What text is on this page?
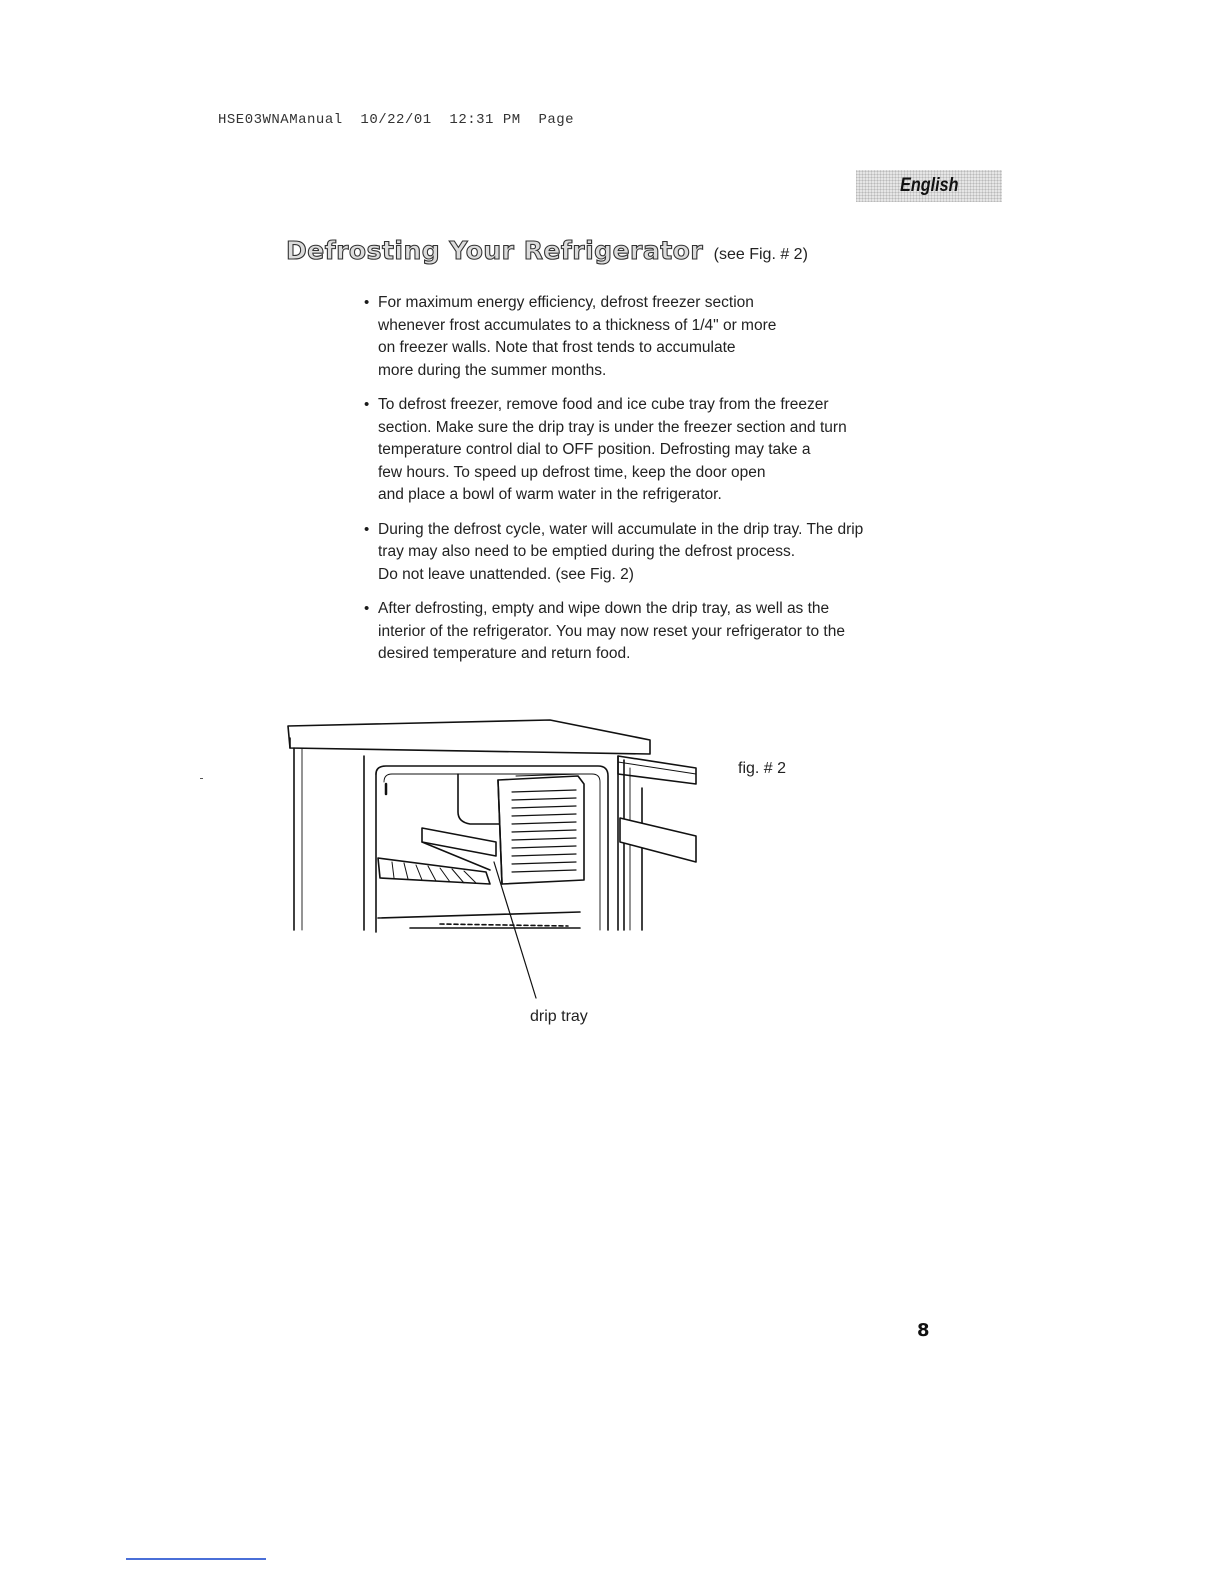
HSE03WNAManual  10/22/01  12:31 PM  Page
English
Defrosting Your Refrigerator (see Fig. # 2)
• For maximum energy efficiency, defrost freezer section
whenever frost accumulates to a thickness of 1/4" or more
on freezer walls. Note that frost tends to accumulate
more during the summer months.
• To defrost freezer, remove food and ice cube tray from the freezer
section. Make sure the drip tray is under the freezer section and turn
temperature control dial to OFF position. Defrosting may take a
few hours. To speed up defrost time, keep the door open
and place a bowl of warm water in the refrigerator.
• During the defrost cycle, water will accumulate in the drip tray. The drip
tray may also need to be emptied during the defrost process.
Do not leave unattended. (see Fig. 2)
• After defrosting, empty and wipe down the drip tray, as well as the
interior of the refrigerator. You may now reset your refrigerator to the
desired temperature and return food.
fig. # 2
drip tray
8
